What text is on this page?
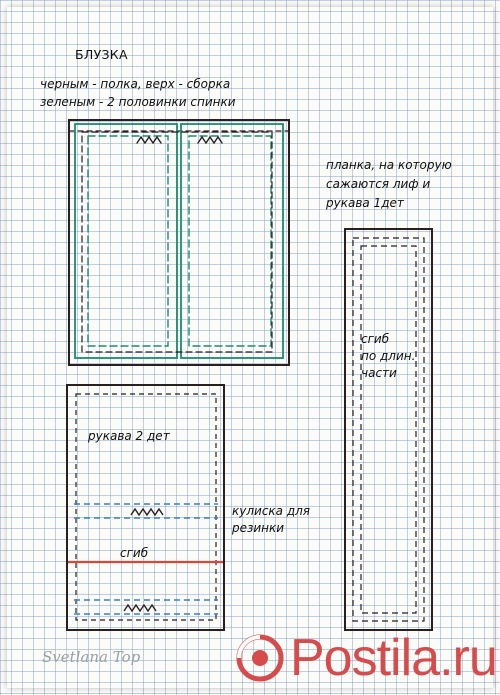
БЛУЗКА
черным - полка, верх - сборка
зеленым - 2 половинки спинки
планка, на которую
сажаются лиф и
рукава 1дет
сгиб
по длин.
части
рукава 2 дет
кулиска для
резинки
сгиб
Svetlana Top	Postila.ru
